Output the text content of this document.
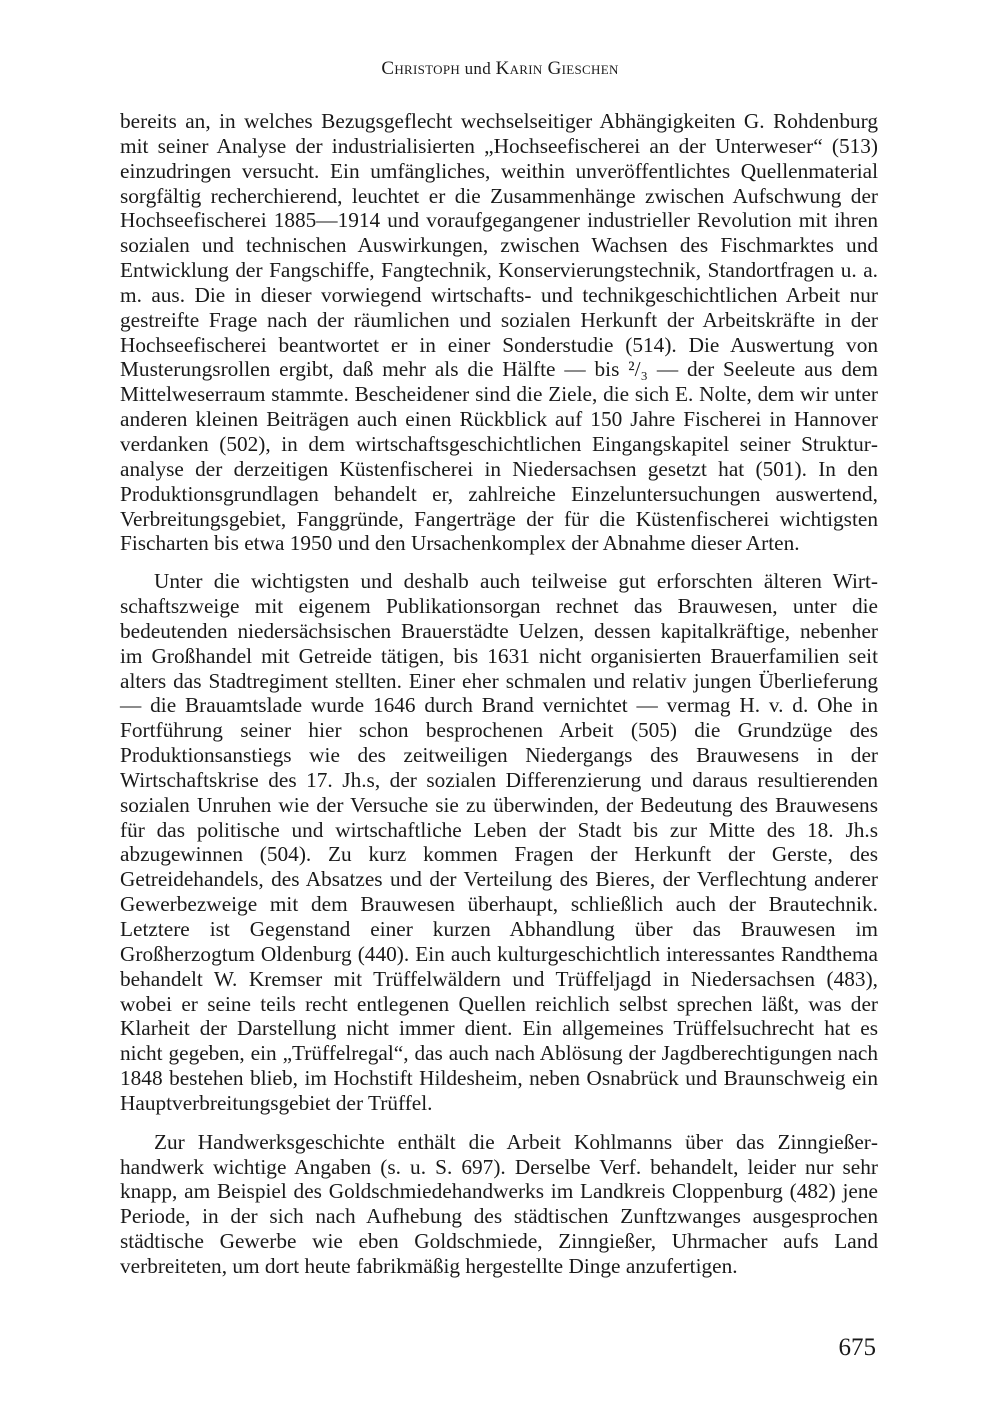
Christoph und Karin Gieschen

bereits an, in welches Bezugsgeflecht wechselseitiger Abhängigkeiten G. Rohdenburg mit seiner Analyse der industrialisierten „Hochseefischerei an der Unterweser“ (513) einzudringen versucht. Ein umfängliches, weithin unveröffentlichtes Quellenmaterial sorgfältig recherchierend, leuchtet er die Zusammenhänge zwischen Aufschwung der Hochseefischerei 1885—1914 und voraufgegangener industrieller Revolution mit ihren sozialen und technischen Auswirkungen, zwischen Wachsen des Fischmarktes und Entwicklung der Fangschiffe, Fangtechnik, Konservierungstechnik, Standortfragen u. a. m. aus. Die in dieser vorwiegend wirtschafts- und technikgeschichtlichen Arbeit nur gestreifte Frage nach der räumlichen und sozialen Herkunft der Arbeitskräfte in der Hochseefischerei beantwortet er in einer Sonderstudie (514). Die Auswertung von Musterungsrollen ergibt, daß mehr als die Hälfte — bis ²/₃ — der Seeleute aus dem Mittelweserraum stammte. Bescheidener sind die Ziele, die sich E. Nolte, dem wir unter anderen kleinen Beiträgen auch einen Rückblick auf 150 Jahre Fischerei in Hannover verdanken (502), in dem wirtschaftsgeschichtlichen Eingangskapitel seiner Strukturanalyse der derzeitigen Küstenfischerei in Niedersachsen gesetzt hat (501). In den Produktionsgrundlagen behandelt er, zahlreiche Einzeluntersuchungen auswertend, Verbreitungsgebiet, Fanggründe, Fangerträge der für die Küstenfischerei wichtigsten Fischarten bis etwa 1950 und den Ursachenkomplex der Abnahme dieser Arten.

Unter die wichtigsten und deshalb auch teilweise gut erforschten älteren Wirtschaftszweige mit eigenem Publikationsorgan rechnet das Brauwesen, unter die bedeutenden niedersächsischen Brauerstädte Uelzen, dessen kapitalkräftige, nebenher im Großhandel mit Getreide tätigen, bis 1631 nicht organisierten Brauerfamilien seit alters das Stadtregiment stellten. Einer eher schmalen und relativ jungen Überlieferung — die Brauamtslade wurde 1646 durch Brand vernichtet — vermag H. v. d. Ohe in Fortführung seiner hier schon besprochenen Arbeit (505) die Grundzüge des Produktionsanstiegs wie des zeitweiligen Niedergangs des Brauwesens in der Wirtschaftskrise des 17. Jh.s, der sozialen Differenzierung und daraus resultierenden sozialen Unruhen wie der Versuche sie zu überwinden, der Bedeutung des Brauwesens für das politische und wirtschaftliche Leben der Stadt bis zur Mitte des 18. Jh.s abzugewinnen (504). Zu kurz kommen Fragen der Herkunft der Gerste, des Getreidehandels, des Absatzes und der Verteilung des Bieres, der Verflechtung anderer Gewerbezweige mit dem Brauwesen überhaupt, schließlich auch der Brautechnik. Letztere ist Gegenstand einer kurzen Abhandlung über das Brauwesen im Großherzogtum Oldenburg (440). Ein auch kulturgeschichtlich interessantes Randthema behandelt W. Kremser mit Trüffelwäldern und Trüffeljagd in Niedersachsen (483), wobei er seine teils recht entlegenen Quellen reichlich selbst sprechen läßt, was der Klarheit der Darstellung nicht immer dient. Ein allgemeines Trüffelsuchrecht hat es nicht gegeben, ein „Trüffelregal“, das auch nach Ablösung der Jagdberechtigungen nach 1848 bestehen blieb, im Hochstift Hildesheim, neben Osnabrück und Braunschweig ein Hauptverbreitungsgebiet der Trüffel.

Zur Handwerksgeschichte enthält die Arbeit Kohlmanns über das Zinngießerhandwerk wichtige Angaben (s. u. S. 697). Derselbe Verf. behandelt, leider nur sehr knapp, am Beispiel des Goldschmiedehandwerks im Landkreis Cloppenburg (482) jene Periode, in der sich nach Aufhebung des städtischen Zunftzwanges ausgesprochen städtische Gewerbe wie eben Goldschmiede, Zinngießer, Uhrmacher aufs Land verbreiteten, um dort heute fabrikmäßig hergestellte Dinge anzufertigen.

675
